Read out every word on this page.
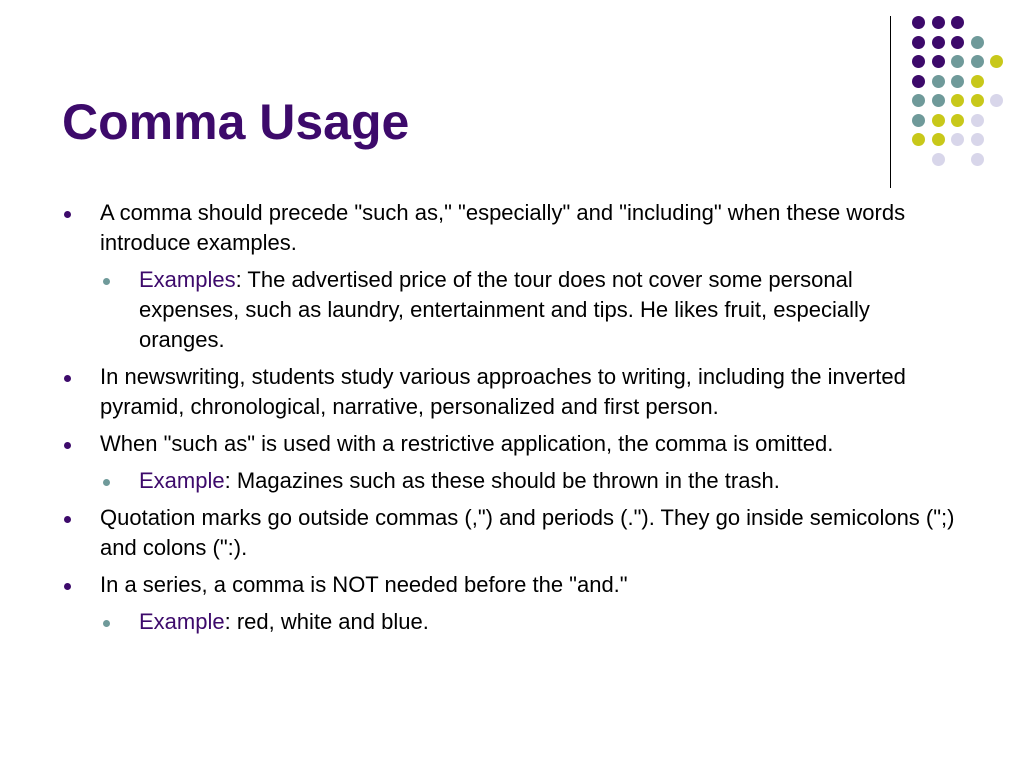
Comma Usage
A comma should precede "such as," "especially" and "including" when these words introduce examples.
Examples: The advertised price of the tour does not cover some personal expenses, such as laundry, entertainment and tips. He likes fruit, especially oranges.
In newswriting, students study various approaches to writing, including the inverted pyramid, chronological, narrative, personalized and first person.
When "such as" is used with a restrictive application, the comma is omitted.
Example: Magazines such as these should be thrown in the trash.
Quotation marks go outside commas (,") and periods (."). They go inside semicolons (";) and colons (":).
In a series, a comma is NOT needed before the "and."
Example: red, white and blue.
